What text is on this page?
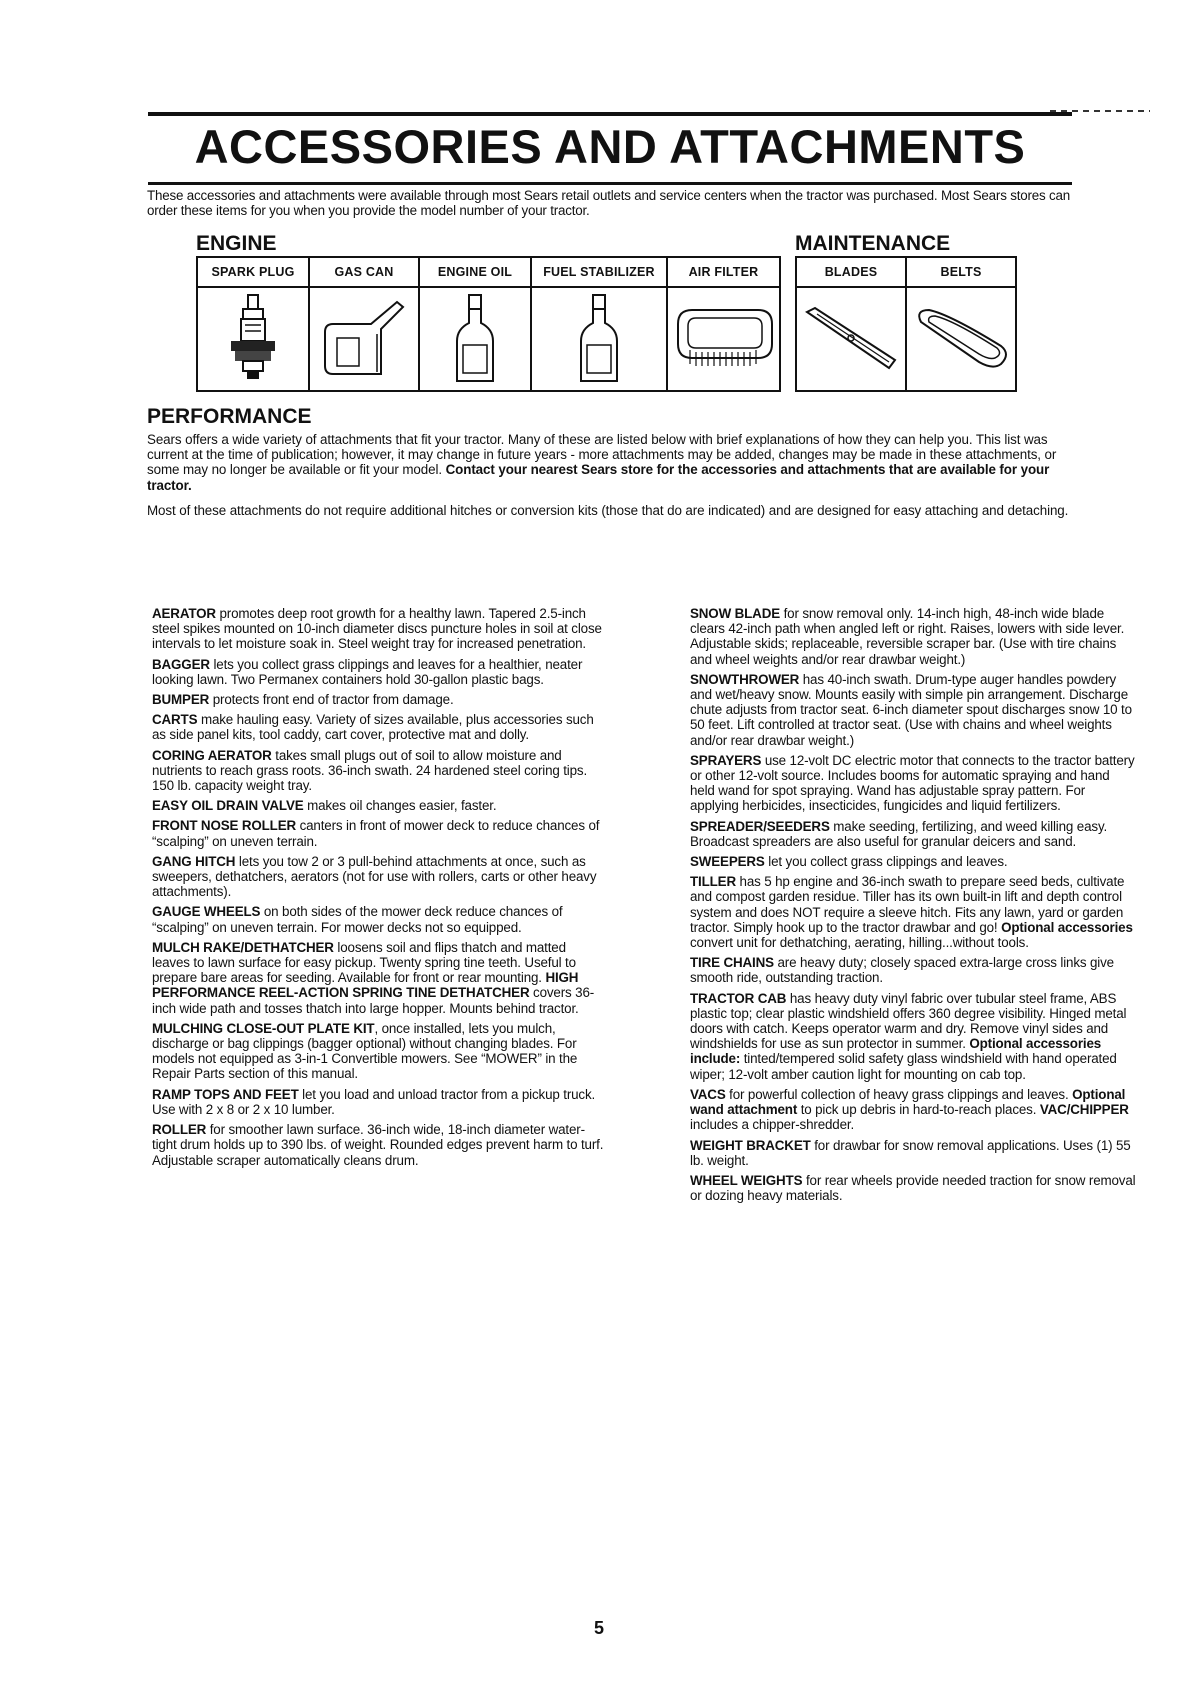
ACCESSORIES AND ATTACHMENTS
These accessories and attachments were available through most Sears retail outlets and service centers when the tractor was purchased. Most Sears stores can order these items for you when you provide the model number of your tractor.
ENGINE	MAINTENANCE
SPARK PLUG	GAS CAN	ENGINE OIL	FUEL STABILIZER	AIR FILTER	BLADES	BELTS
PERFORMANCE
Sears offers a wide variety of attachments that fit your tractor. Many of these are listed below with brief explanations of how they can help you. This list was current at the time of publication; however, it may change in future years - more attachments may be added, changes may be made in these attachments, or some may no longer be available or fit your model. Contact your nearest Sears store for the accessories and attachments that are available for your tractor.
Most of these attachments do not require additional hitches or conversion kits (those that do are indicated) and are designed for easy attaching and detaching.

AERATOR promotes deep root growth for a healthy lawn. Tapered 2.5-inch steel spikes mounted on 10-inch diameter discs puncture holes in soil at close intervals to let moisture soak in. Steel weight tray for increased penetration.

BAGGER lets you collect grass clippings and leaves for a healthier, neater looking lawn. Two Permanex containers hold 30-gallon plastic bags.

BUMPER protects front end of tractor from damage.

CARTS make hauling easy. Variety of sizes available, plus accessories such as side panel kits, tool caddy, cart cover, protective mat and dolly.

CORING AERATOR takes small plugs out of soil to allow moisture and nutrients to reach grass roots. 36-inch swath. 24 hardened steel coring tips. 150 lb. capacity weight tray.

EASY OIL DRAIN VALVE makes oil changes easier, faster.

FRONT NOSE ROLLER canters in front of mower deck to reduce chances of “scalping” on uneven terrain.

GANG HITCH lets you tow 2 or 3 pull-behind attachments at once, such as sweepers, dethatchers, aerators (not for use with rollers, carts or other heavy attachments).

GAUGE WHEELS on both sides of the mower deck reduce chances of “scalping” on uneven terrain. For mower decks not so equipped.

MULCH RAKE/DETHATCHER loosens soil and flips thatch and matted leaves to lawn surface for easy pickup. Twenty spring tine teeth. Useful to prepare bare areas for seeding. Available for front or rear mounting. HIGH PERFORMANCE REEL-ACTION SPRING TINE DETHATCHER covers 36-inch wide path and tosses thatch into large hopper. Mounts behind tractor.

MULCHING CLOSE-OUT PLATE KIT, once installed, lets you mulch, discharge or bag clippings (bagger optional) without changing blades. For models not equipped as 3-in-1 Convertible mowers. See “MOWER” in the Repair Parts section of this manual.

RAMP TOPS AND FEET let you load and unload tractor from a pickup truck. Use with 2 x 8 or 2 x 10 lumber.

ROLLER for smoother lawn surface. 36-inch wide, 18-inch diameter water-tight drum holds up to 390 lbs. of weight. Rounded edges prevent harm to turf. Adjustable scraper automatically cleans drum.

SNOW BLADE for snow removal only. 14-inch high, 48-inch wide blade clears 42-inch path when angled left or right. Raises, lowers with side lever. Adjustable skids; replaceable, reversible scraper bar. (Use with tire chains and wheel weights and/or rear drawbar weight.)

SNOWTHROWER has 40-inch swath. Drum-type auger handles powdery and wet/heavy snow. Mounts easily with simple pin arrangement. Discharge chute adjusts from tractor seat. 6-inch diameter spout discharges snow 10 to 50 feet. Lift controlled at tractor seat. (Use with chains and wheel weights and/or rear drawbar weight.)

SPRAYERS use 12-volt DC electric motor that connects to the tractor battery or other 12-volt source. Includes booms for automatic spraying and hand held wand for spot spraying. Wand has adjustable spray pattern. For applying herbicides, insecticides, fungicides and liquid fertilizers.

SPREADER/SEEDERS make seeding, fertilizing, and weed killing easy. Broadcast spreaders are also useful for granular deicers and sand.

SWEEPERS let you collect grass clippings and leaves.

TILLER has 5 hp engine and 36-inch swath to prepare seed beds, cultivate and compost garden residue. Tiller has its own built-in lift and depth control system and does NOT require a sleeve hitch. Fits any lawn, yard or garden tractor. Simply hook up to the tractor drawbar and go! Optional accessories convert unit for dethatching, aerating, hilling...without tools.

TIRE CHAINS are heavy duty; closely spaced extra-large cross links give smooth ride, outstanding traction.

TRACTOR CAB has heavy duty vinyl fabric over tubular steel frame, ABS plastic top; clear plastic windshield offers 360 degree visibility. Hinged metal doors with catch. Keeps operator warm and dry. Remove vinyl sides and windshields for use as sun protector in summer. Optional accessories include: tinted/tempered solid safety glass windshield with hand operated wiper; 12-volt amber caution light for mounting on cab top.

VACS for powerful collection of heavy grass clippings and leaves. Optional wand attachment to pick up debris in hard-to-reach places. VAC/CHIPPER includes a chipper-shredder.

WEIGHT BRACKET for drawbar for snow removal applications. Uses (1) 55 lb. weight.

WHEEL WEIGHTS for rear wheels provide needed traction for snow removal or dozing heavy materials.

5
